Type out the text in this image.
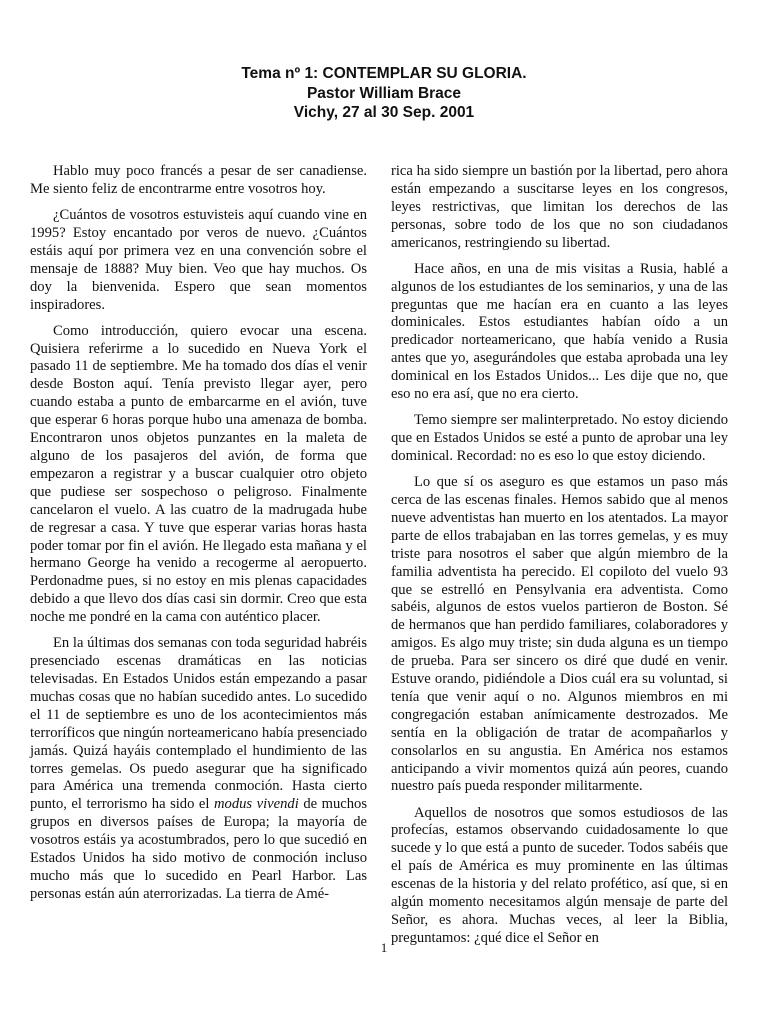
Tema nº 1: CONTEMPLAR SU GLORIA.
Pastor William Brace
Vichy, 27 al 30 Sep. 2001

Hablo muy poco francés a pesar de ser canadiense. Me siento feliz de encontrarme entre vosotros hoy.

¿Cuántos de vosotros estuvisteis aquí cuando vine en 1995? Estoy encantado por veros de nuevo. ¿Cuántos estáis aquí por primera vez en una convención sobre el mensaje de 1888? Muy bien. Veo que hay muchos. Os doy la bienvenida. Espero que sean momentos inspiradores.

Como introducción, quiero evocar una escena. Quisiera referirme a lo sucedido en Nueva York el pasado 11 de septiembre. Me ha tomado dos días el venir desde Boston aquí. Tenía previsto llegar ayer, pero cuando estaba a punto de embarcarme en el avión, tuve que esperar 6 horas porque hubo una amenaza de bomba. Encontraron unos objetos punzantes en la maleta de alguno de los pasajeros del avión, de forma que empezaron a registrar y a buscar cualquier otro objeto que pudiese ser sospechoso o peligroso. Finalmente cancelaron el vuelo. A las cuatro de la madrugada hube de regresar a casa. Y tuve que esperar varias horas hasta poder tomar por fin el avión. He llegado esta mañana y el hermano George ha venido a recogerme al aeropuerto. Perdonadme pues, si no estoy en mis plenas capacidades debido a que llevo dos días casi sin dormir. Creo que esta noche me pondré en la cama con auténtico placer.

En la últimas dos semanas con toda seguridad habréis presenciado escenas dramáticas en las noticias televisadas. En Estados Unidos están empezando a pasar muchas cosas que no habían sucedido antes. Lo sucedido el 11 de septiembre es uno de los acontecimientos más terroríficos que ningún norteamericano había presenciado jamás. Quizá hayáis contemplado el hundimiento de las torres gemelas. Os puedo asegurar que ha significado para América una tremenda conmoción. Hasta cierto punto, el terrorismo ha sido el modus vivendi de muchos grupos en diversos países de Europa; la mayoría de vosotros estáis ya acostumbrados, pero lo que sucedió en Estados Unidos ha sido motivo de conmoción incluso mucho más que lo sucedido en Pearl Harbor. Las personas están aún aterrorizadas. La tierra de Amé-

rica ha sido siempre un bastión por la libertad, pero ahora están empezando a suscitarse leyes en los congresos, leyes restrictivas, que limitan los derechos de las personas, sobre todo de los que no son ciudadanos americanos, restringiendo su libertad.

Hace años, en una de mis visitas a Rusia, hablé a algunos de los estudiantes de los seminarios, y una de las preguntas que me hacían era en cuanto a las leyes dominicales. Estos estudiantes habían oído a un predicador norteamericano, que había venido a Rusia antes que yo, asegurándoles que estaba aprobada una ley dominical en los Estados Unidos... Les dije que no, que eso no era así, que no era cierto.

Temo siempre ser malinterpretado. No estoy diciendo que en Estados Unidos se esté a punto de aprobar una ley dominical. Recordad: no es eso lo que estoy diciendo.

Lo que sí os aseguro es que estamos un paso más cerca de las escenas finales. Hemos sabido que al menos nueve adventistas han muerto en los atentados. La mayor parte de ellos trabajaban en las torres gemelas, y es muy triste para nosotros el saber que algún miembro de la familia adventista ha perecido. El copiloto del vuelo 93 que se estrelló en Pensylvania era adventista. Como sabéis, algunos de estos vuelos partieron de Boston. Sé de hermanos que han perdido familiares, colaboradores y amigos. Es algo muy triste; sin duda alguna es un tiempo de prueba. Para ser sincero os diré que dudé en venir. Estuve orando, pidiéndole a Dios cuál era su voluntad, si tenía que venir aquí o no. Algunos miembros en mi congregación estaban anímicamente destrozados. Me sentía en la obligación de tratar de acompañarlos y consolarlos en su angustia. En América nos estamos anticipando a vivir momentos quizá aún peores, cuando nuestro país pueda responder militarmente.

Aquellos de nosotros que somos estudiosos de las profecías, estamos observando cuidadosamente lo que sucede y lo que está a punto de suceder. Todos sabéis que el país de América es muy prominente en las últimas escenas de la historia y del relato profético, así que, si en algún momento necesitamos algún mensaje de parte del Señor, es ahora. Muchas veces, al leer la Biblia, preguntamos: ¿qué dice el Señor en

1
